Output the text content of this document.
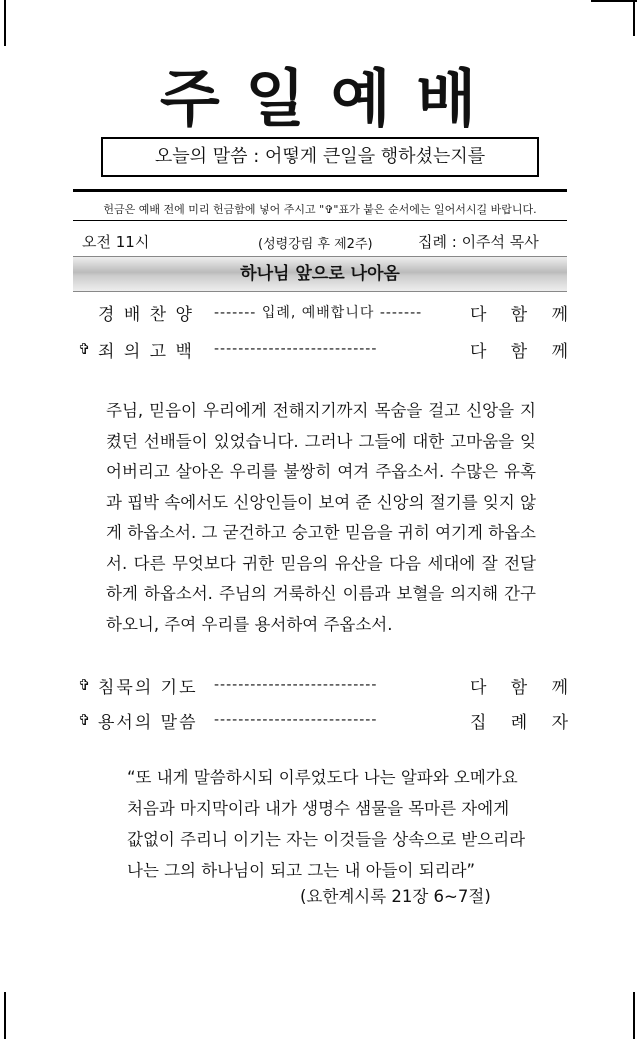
주 일 예 배
오늘의 말씀 : 어떻게 큰일을 행하셨는지를
헌금은 예배 전에 미리 헌금함에 넣어 주시고 "✞"표가 붙은 순서에는 일어서시길 바랍니다.
오전 11시	(성령강림 후 제2주)	집례 : 이주석 목사
하나님 앞으로 나아옴
경 배 찬 양	------- 입례, 예배합니다 -------	다 함 께
✞ 죄 의 고 백	---------------------------	다 함 께
주님, 믿음이 우리에게 전해지기까지 목숨을 걸고 신앙을 지켰던 선배들이 있었습니다. 그러나 그들에 대한 고마움을 잊어버리고 살아온 우리를 불쌍히 여겨 주옵소서. 수많은 유혹과 핍박 속에서도 신앙인들이 보여 준 신앙의 절기를 잊지 않게 하옵소서. 그 굳건하고 숭고한 믿음을 귀히 여기게 하옵소서. 다른 무엇보다 귀한 믿음의 유산을 다음 세대에 잘 전달하게 하옵소서. 주님의 거룩하신 이름과 보혈을 의지해 간구하오니, 주여 우리를 용서하여 주옵소서.
✞ 침묵의 기도	---------------------------	다 함 께
✞ 용서의 말씀	---------------------------	집 례 자
“또 내게 말씀하시되 이루었도다 나는 알파와 오메가요
처음과 마지막이라 내가 생명수 샘물을 목마른 자에게
값없이 주리니 이기는 자는 이것들을 상속으로 받으리라
나는 그의 하나님이 되고 그는 내 아들이 되리라”
(요한계시록 21장 6~7절)
